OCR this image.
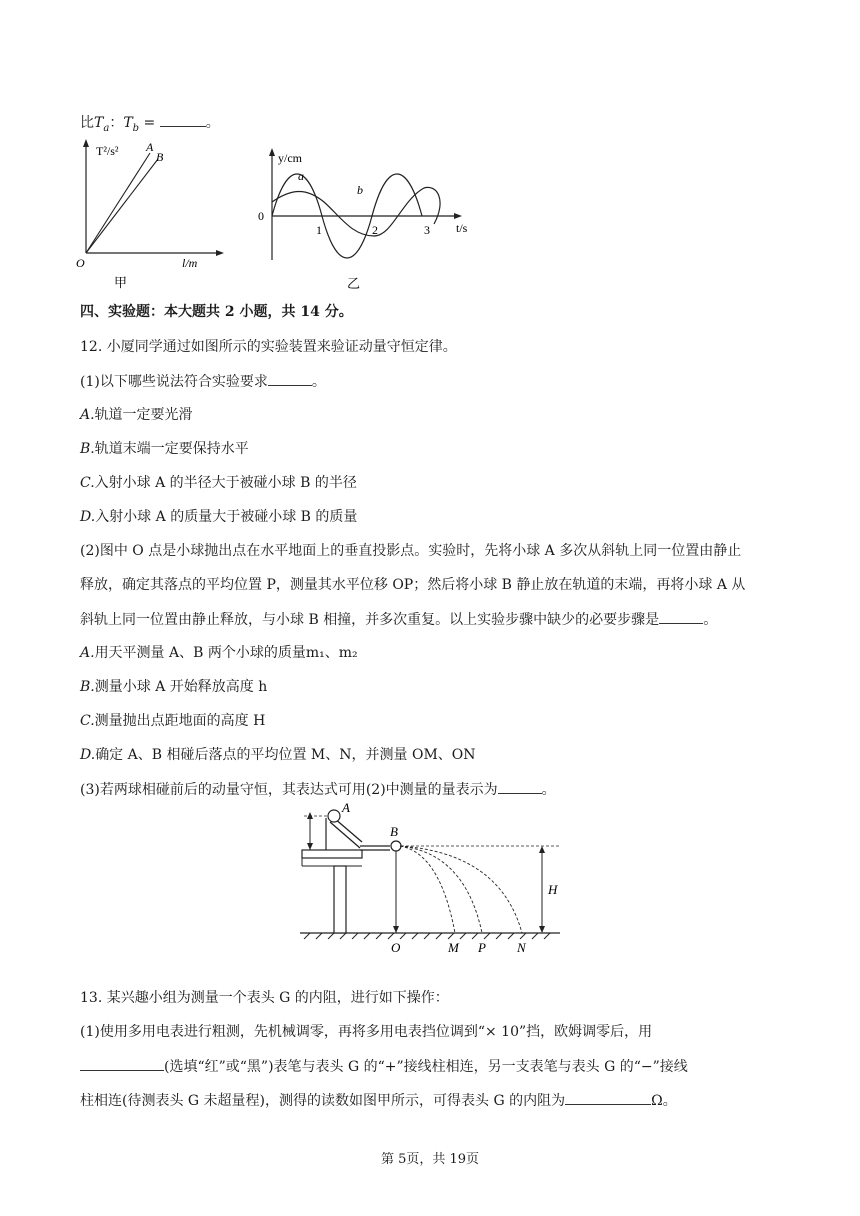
比$T_a$：$T_b$ =	。
T²/s² A
B
O	l/m
甲
y/cm
t/s
0
a
b
1	2	3
乙
四、实验题：本大题共 2 小题，共 14 分。
12. 小厦同学通过如图所示的实验装置来验证动量守恒定律。
(1)以下哪些说法符合实验要求	。
A.轨道一定要光滑
B.轨道末端一定要保持水平
C.入射小球 A 的半径大于被碰小球 B 的半径
D.入射小球 A 的质量大于被碰小球 B 的质量
(2)图中 O 点是小球抛出点在水平地面上的垂直投影点。实验时，先将小球 A 多次从斜轨上同一位置由静止
释放，确定其落点的平均位置 P，测量其水平位移 OP；然后将小球 B 静止放在轨道的末端，再将小球 A 从
斜轨上同一位置由静止释放，与小球 B 相撞，并多次重复。以上实验步骤中缺少的必要步骤是	。
A.用天平测量 A、B 两个小球的质量m₁、m₂
B.测量小球 A 开始释放高度 h
C.测量抛出点距地面的高度 H
D.确定 A、B 相碰后落点的平均位置 M、N，并测量 OM、ON
(3)若两球相碰前后的动量守恒，其表达式可用(2)中测量的量表示为	。
A
B
H
O	M P N
13. 某兴趣小组为测量一个表头 G 的内阻，进行如下操作：
(1)使用多用电表进行粗测，先机械调零，再将多用电表挡位调到“× 10”挡，欧姆调零后，用
(选填“红”或“黑”)表笔与表头 G 的“+”接线柱相连，另一支表笔与表头 G 的“−”接线
柱相连(待测表头 G 未超量程)，测得的读数如图甲所示，可得表头 G 的内阻为	Ω。
第 5页，共 19页
